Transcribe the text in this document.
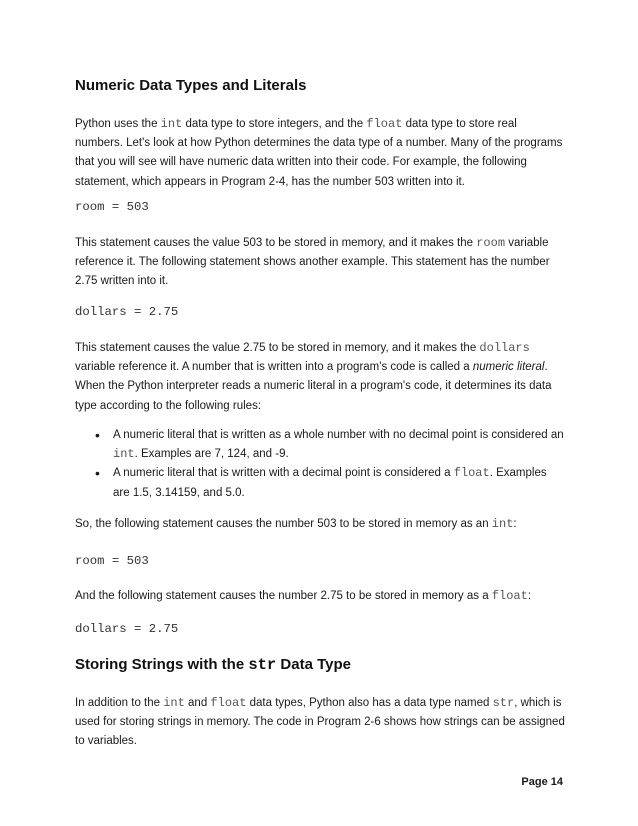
Numeric Data Types and Literals

Python uses the int data type to store integers, and the float data type to store real numbers. Let's look at how Python determines the data type of a number. Many of the programs that you will see will have numeric data written into their code. For example, the following statement, which appears in Program 2-4, has the number 503 written into it.

room = 503

This statement causes the value 503 to be stored in memory, and it makes the room variable reference it. The following statement shows another example. This statement has the number 2.75 written into it.

dollars = 2.75

This statement causes the value 2.75 to be stored in memory, and it makes the dollars variable reference it. A number that is written into a program's code is called a numeric literal. When the Python interpreter reads a numeric literal in a program's code, it determines its data type according to the following rules:

• A numeric literal that is written as a whole number with no decimal point is considered an int. Examples are 7, 124, and -9.
• A numeric literal that is written with a decimal point is considered a float. Examples are 1.5, 3.14159, and 5.0.

So, the following statement causes the number 503 to be stored in memory as an int:

room = 503

And the following statement causes the number 2.75 to be stored in memory as a float:

dollars = 2.75
Storing Strings with the str Data Type

In addition to the int and float data types, Python also has a data type named str, which is used for storing strings in memory. The code in Program 2-6 shows how strings can be assigned to variables.

Page 14
